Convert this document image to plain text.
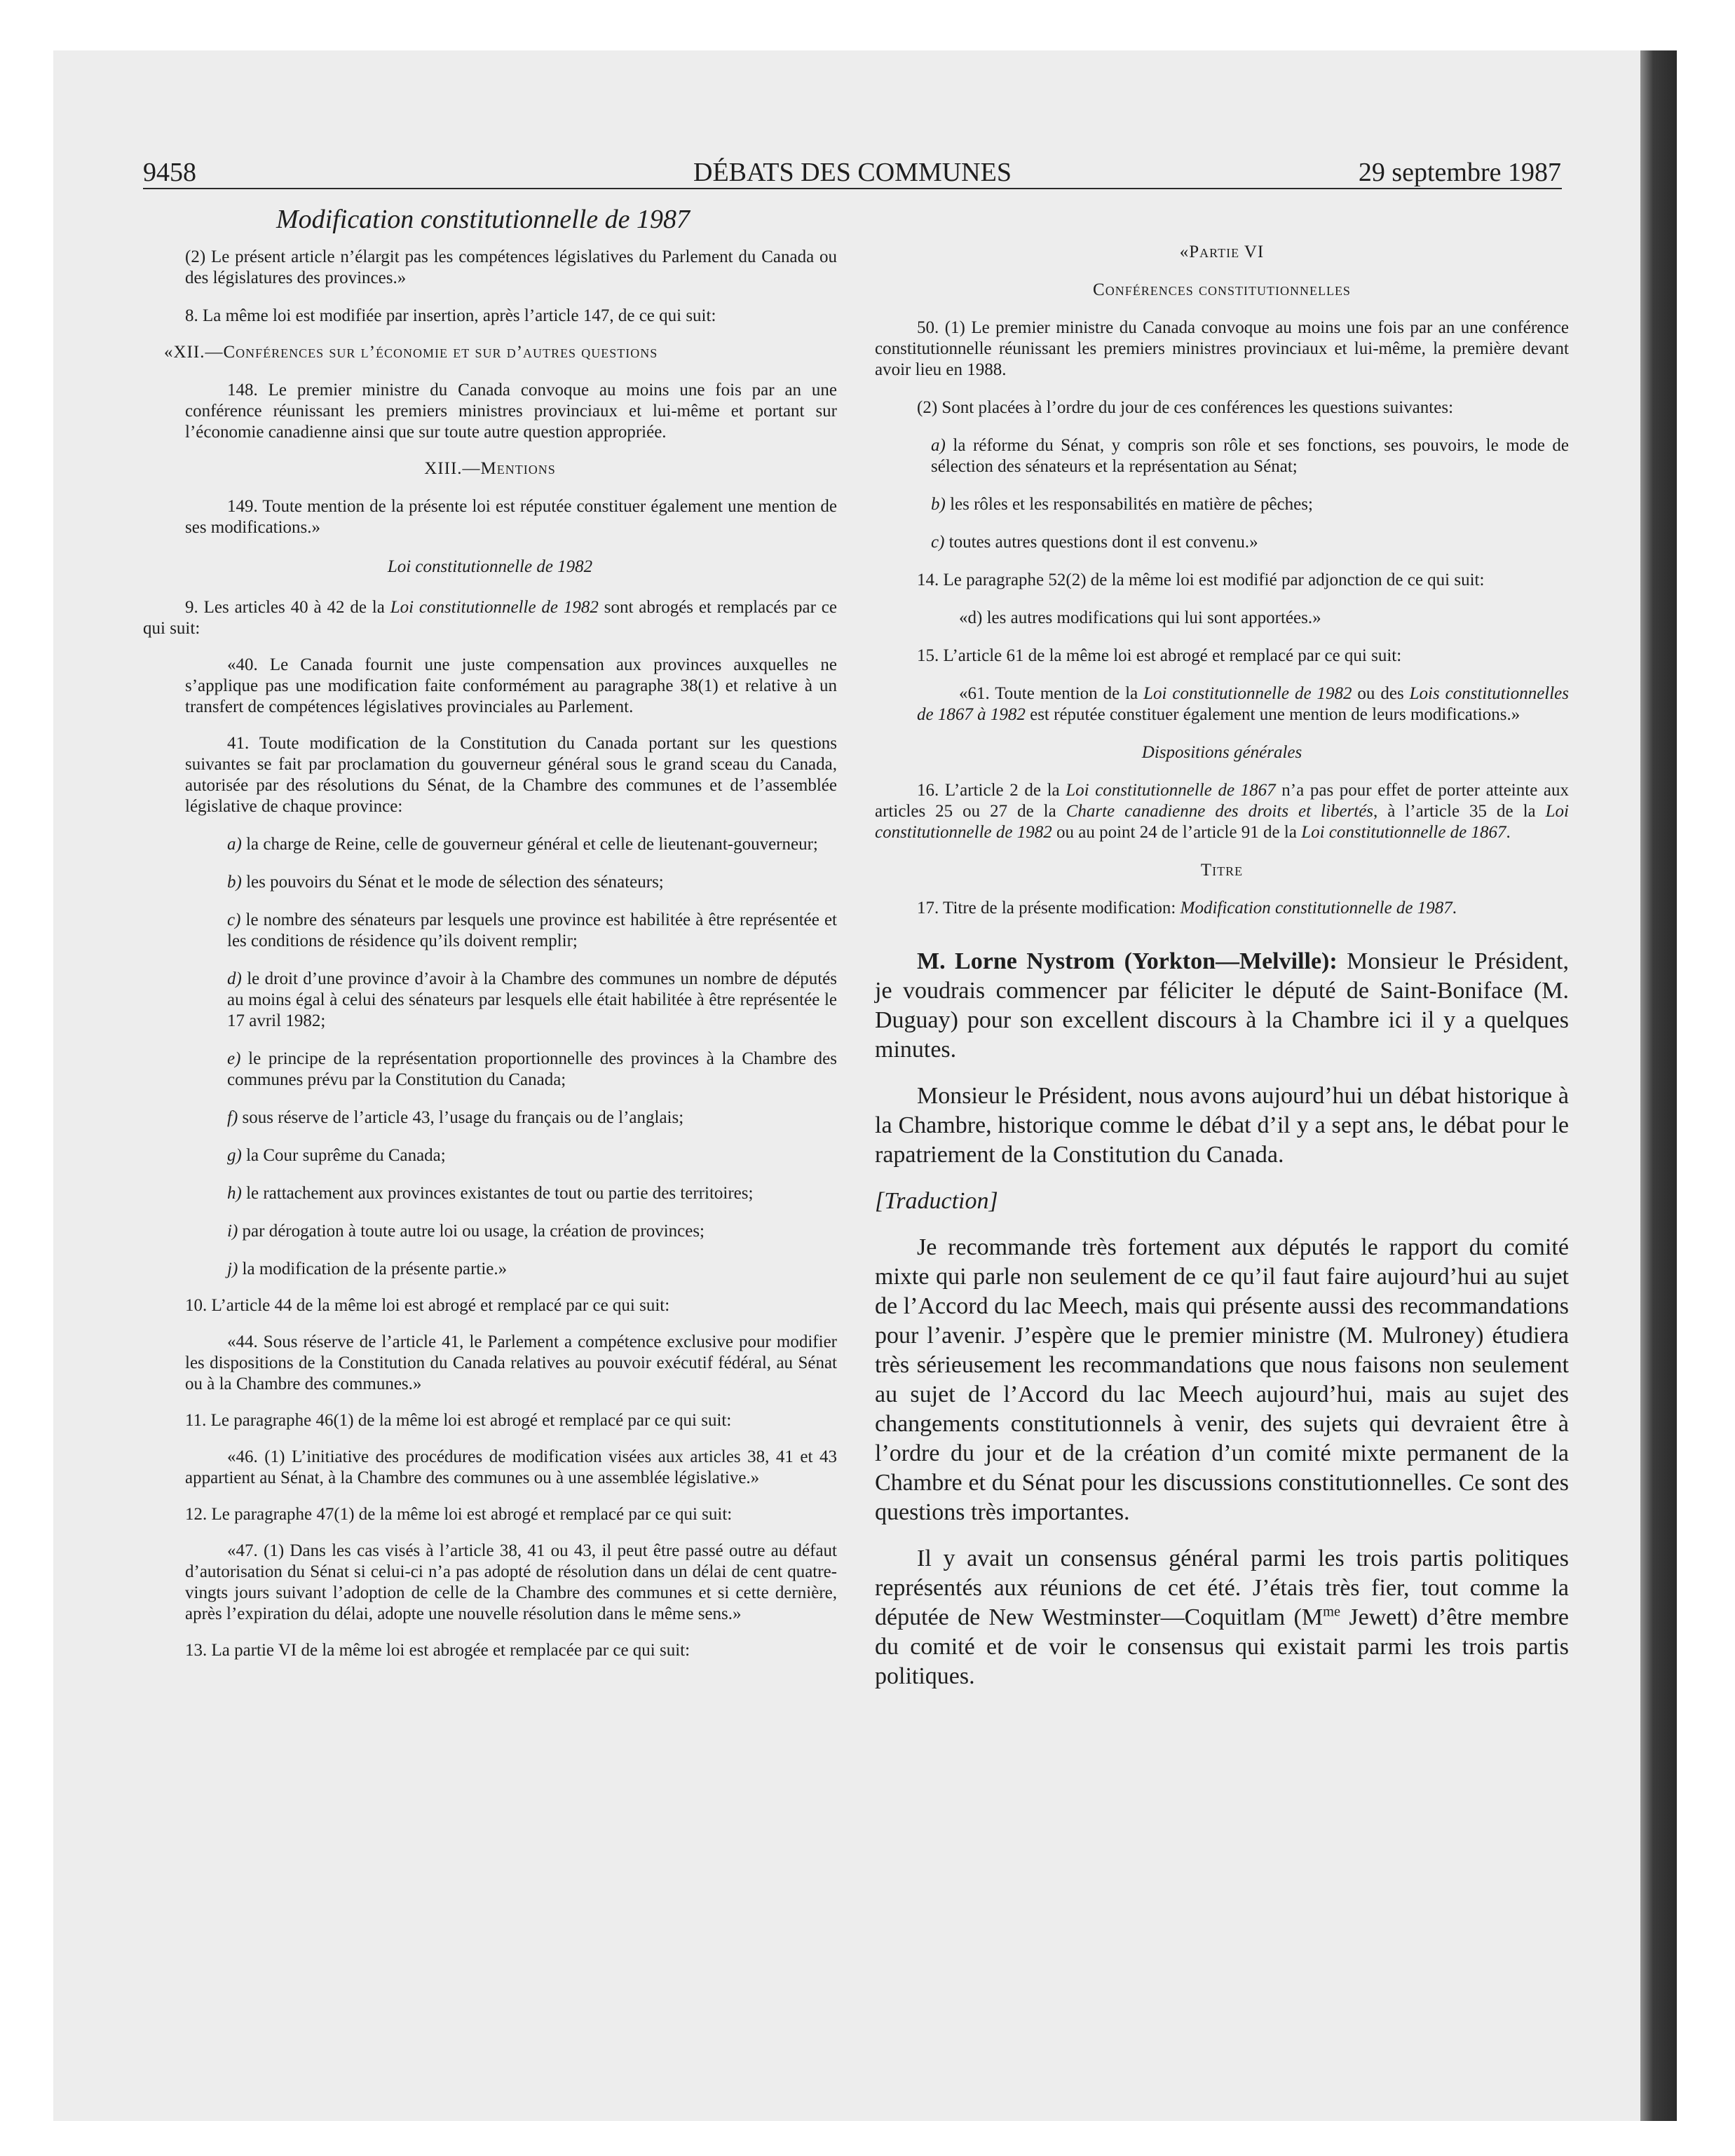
9458	DÉBATS DES COMMUNES	29 septembre 1987

Modification constitutionnelle de 1987

(2) Le présent article n’élargit pas les compétences législatives du Parlement du Canada ou des législatures des provinces.»

8. La même loi est modifiée par insertion, après l’article 147, de ce qui suit:

«XII.—Conférences sur l’économie et sur d’autres questions

148. Le premier ministre du Canada convoque au moins une fois par an une conférence réunissant les premiers ministres provinciaux et lui-même et portant sur l’économie canadienne ainsi que sur toute autre question appropriée.

XIII.—Mentions

149. Toute mention de la présente loi est réputée constituer également une mention de ses modifications.»

Loi constitutionnelle de 1982

9. Les articles 40 à 42 de la Loi constitutionnelle de 1982 sont abrogés et remplacés par ce qui suit:

«40. Le Canada fournit une juste compensation aux provinces auxquelles ne s’applique pas une modification faite conformément au paragraphe 38(1) et relative à un transfert de compétences législatives provinciales au Parlement.

41. Toute modification de la Constitution du Canada portant sur les questions suivantes se fait par proclamation du gouverneur général sous le grand sceau du Canada, autorisée par des résolutions du Sénat, de la Chambre des communes et de l’assemblée législative de chaque province:

a) la charge de Reine, celle de gouverneur général et celle de lieutenant-gouverneur;

b) les pouvoirs du Sénat et le mode de sélection des sénateurs;

c) le nombre des sénateurs par lesquels une province est habilitée à être représentée et les conditions de résidence qu’ils doivent remplir;

d) le droit d’une province d’avoir à la Chambre des communes un nombre de députés au moins égal à celui des sénateurs par lesquels elle était habilitée à être représentée le 17 avril 1982;

e) le principe de la représentation proportionnelle des provinces à la Chambre des communes prévu par la Constitution du Canada;

f) sous réserve de l’article 43, l’usage du français ou de l’anglais;

g) la Cour suprême du Canada;

h) le rattachement aux provinces existantes de tout ou partie des territoires;

i) par dérogation à toute autre loi ou usage, la création de provinces;

j) la modification de la présente partie.»

10. L’article 44 de la même loi est abrogé et remplacé par ce qui suit:

«44. Sous réserve de l’article 41, le Parlement a compétence exclusive pour modifier les dispositions de la Constitution du Canada relatives au pouvoir exécutif fédéral, au Sénat ou à la Chambre des communes.»

11. Le paragraphe 46(1) de la même loi est abrogé et remplacé par ce qui suit:

«46. (1) L’initiative des procédures de modification visées aux articles 38, 41 et 43 appartient au Sénat, à la Chambre des communes ou à une assemblée législative.»

12. Le paragraphe 47(1) de la même loi est abrogé et remplacé par ce qui suit:

«47. (1) Dans les cas visés à l’article 38, 41 ou 43, il peut être passé outre au défaut d’autorisation du Sénat si celui-ci n’a pas adopté de résolution dans un délai de cent quatre-vingts jours suivant l’adoption de celle de la Chambre des communes et si cette dernière, après l’expiration du délai, adopte une nouvelle résolution dans le même sens.»

13. La partie VI de la même loi est abrogée et remplacée par ce qui suit:

«Partie VI

Conférences constitutionnelles

50. (1) Le premier ministre du Canada convoque au moins une fois par an une conférence constitutionnelle réunissant les premiers ministres provinciaux et lui-même, la première devant avoir lieu en 1988.

(2) Sont placées à l’ordre du jour de ces conférences les questions suivantes:

a) la réforme du Sénat, y compris son rôle et ses fonctions, ses pouvoirs, le mode de sélection des sénateurs et la représentation au Sénat;

b) les rôles et les responsabilités en matière de pêches;

c) toutes autres questions dont il est convenu.»

14. Le paragraphe 52(2) de la même loi est modifié par adjonction de ce qui suit:

«d) les autres modifications qui lui sont apportées.»

15. L’article 61 de la même loi est abrogé et remplacé par ce qui suit:

«61. Toute mention de la Loi constitutionnelle de 1982 ou des Lois constitutionnelles de 1867 à 1982 est réputée constituer également une mention de leurs modifications.»

Dispositions générales

16. L’article 2 de la Loi constitutionnelle de 1867 n’a pas pour effet de porter atteinte aux articles 25 ou 27 de la Charte canadienne des droits et libertés, à l’article 35 de la Loi constitutionnelle de 1982 ou au point 24 de l’article 91 de la Loi constitutionnelle de 1867.

Titre

17. Titre de la présente modification: Modification constitutionnelle de 1987.

M. Lorne Nystrom (Yorkton—Melville): Monsieur le Président, je voudrais commencer par féliciter le député de Saint-Boniface (M. Duguay) pour son excellent discours à la Chambre ici il y a quelques minutes.

Monsieur le Président, nous avons aujourd’hui un débat historique à la Chambre, historique comme le débat d’il y a sept ans, le débat pour le rapatriement de la Constitution du Canada.

[Traduction]

Je recommande très fortement aux députés le rapport du comité mixte qui parle non seulement de ce qu’il faut faire aujourd’hui au sujet de l’Accord du lac Meech, mais qui présente aussi des recommandations pour l’avenir. J’espère que le premier ministre (M. Mulroney) étudiera très sérieusement les recommandations que nous faisons non seulement au sujet de l’Accord du lac Meech aujourd’hui, mais au sujet des changements constitutionnels à venir, des sujets qui devraient être à l’ordre du jour et de la création d’un comité mixte permanent de la Chambre et du Sénat pour les discussions constitutionnelles. Ce sont des questions très importantes.

Il y avait un consensus général parmi les trois partis politiques représentés aux réunions de cet été. J’étais très fier, tout comme la députée de New Westminster—Coquitlam ($M^{me}$ Jewett) d’être membre du comité et de voir le consensus qui existait parmi les trois partis politiques.
